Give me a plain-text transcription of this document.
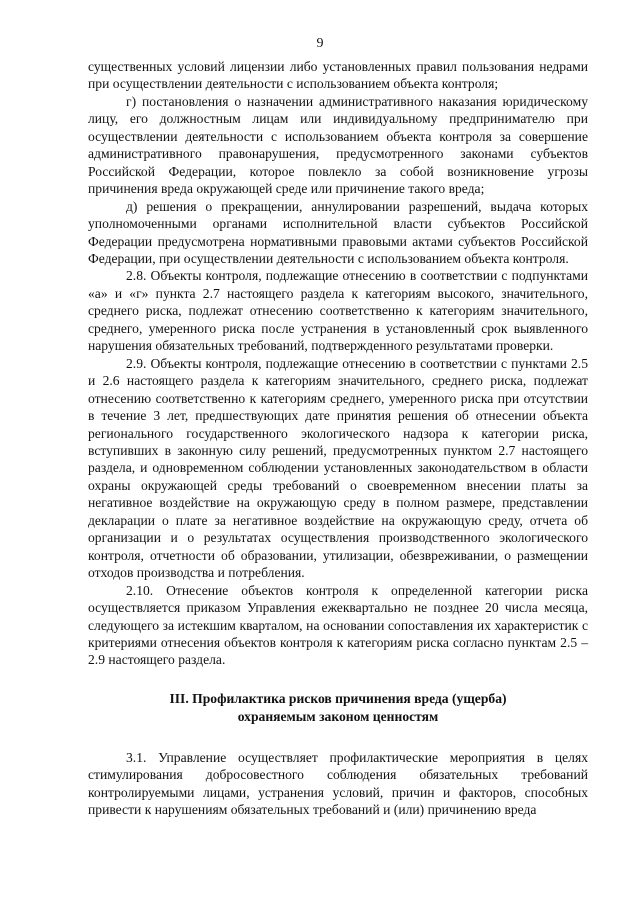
9

существенных условий лицензии либо установленных правил пользования недрами при осуществлении деятельности с использованием объекта контроля;

г) постановления о назначении административного наказания юридическому лицу, его должностным лицам или индивидуальному предпринимателю при осуществлении деятельности с использованием объекта контроля за совершение административного правонарушения, предусмотренного законами субъектов Российской Федерации, которое повлекло за собой возникновение угрозы причинения вреда окружающей среде или причинение такого вреда;

д) решения о прекращении, аннулировании разрешений, выдача которых уполномоченными органами исполнительной власти субъектов Российской Федерации предусмотрена нормативными правовыми актами субъектов Российской Федерации, при осуществлении деятельности с использованием объекта контроля.

2.8. Объекты контроля, подлежащие отнесению в соответствии с подпунктами «а» и «г» пункта 2.7 настоящего раздела к категориям высокого, значительного, среднего риска, подлежат отнесению соответственно к категориям значительного, среднего, умеренного риска после устранения в установленный срок выявленного нарушения обязательных требований, подтвержденного результатами проверки.

2.9. Объекты контроля, подлежащие отнесению в соответствии с пунктами 2.5 и 2.6 настоящего раздела к категориям значительного, среднего риска, подлежат отнесению соответственно к категориям среднего, умеренного риска при отсутствии в течение 3 лет, предшествующих дате принятия решения об отнесении объекта регионального государственного экологического надзора к категории риска, вступивших в законную силу решений, предусмотренных пунктом 2.7 настоящего раздела, и одновременном соблюдении установленных законодательством в области охраны окружающей среды требований о своевременном внесении платы за негативное воздействие на окружающую среду в полном размере, представлении декларации о плате за негативное воздействие на окружающую среду, отчета об организации и о результатах осуществления производственного экологического контроля, отчетности об образовании, утилизации, обезвреживании, о размещении отходов производства и потребления.

2.10. Отнесение объектов контроля к определенной категории риска осуществляется приказом Управления ежеквартально не позднее 20 числа месяца, следующего за истекшим кварталом, на основании сопоставления их характеристик с критериями отнесения объектов контроля к категориям риска согласно пунктам 2.5 – 2.9 настоящего раздела.

III. Профилактика рисков причинения вреда (ущерба)
охраняемым законом ценностям

3.1. Управление осуществляет профилактические мероприятия в целях стимулирования добросовестного соблюдения обязательных требований контролируемыми лицами, устранения условий, причин и факторов, способных привести к нарушениям обязательных требований и (или) причинению вреда
